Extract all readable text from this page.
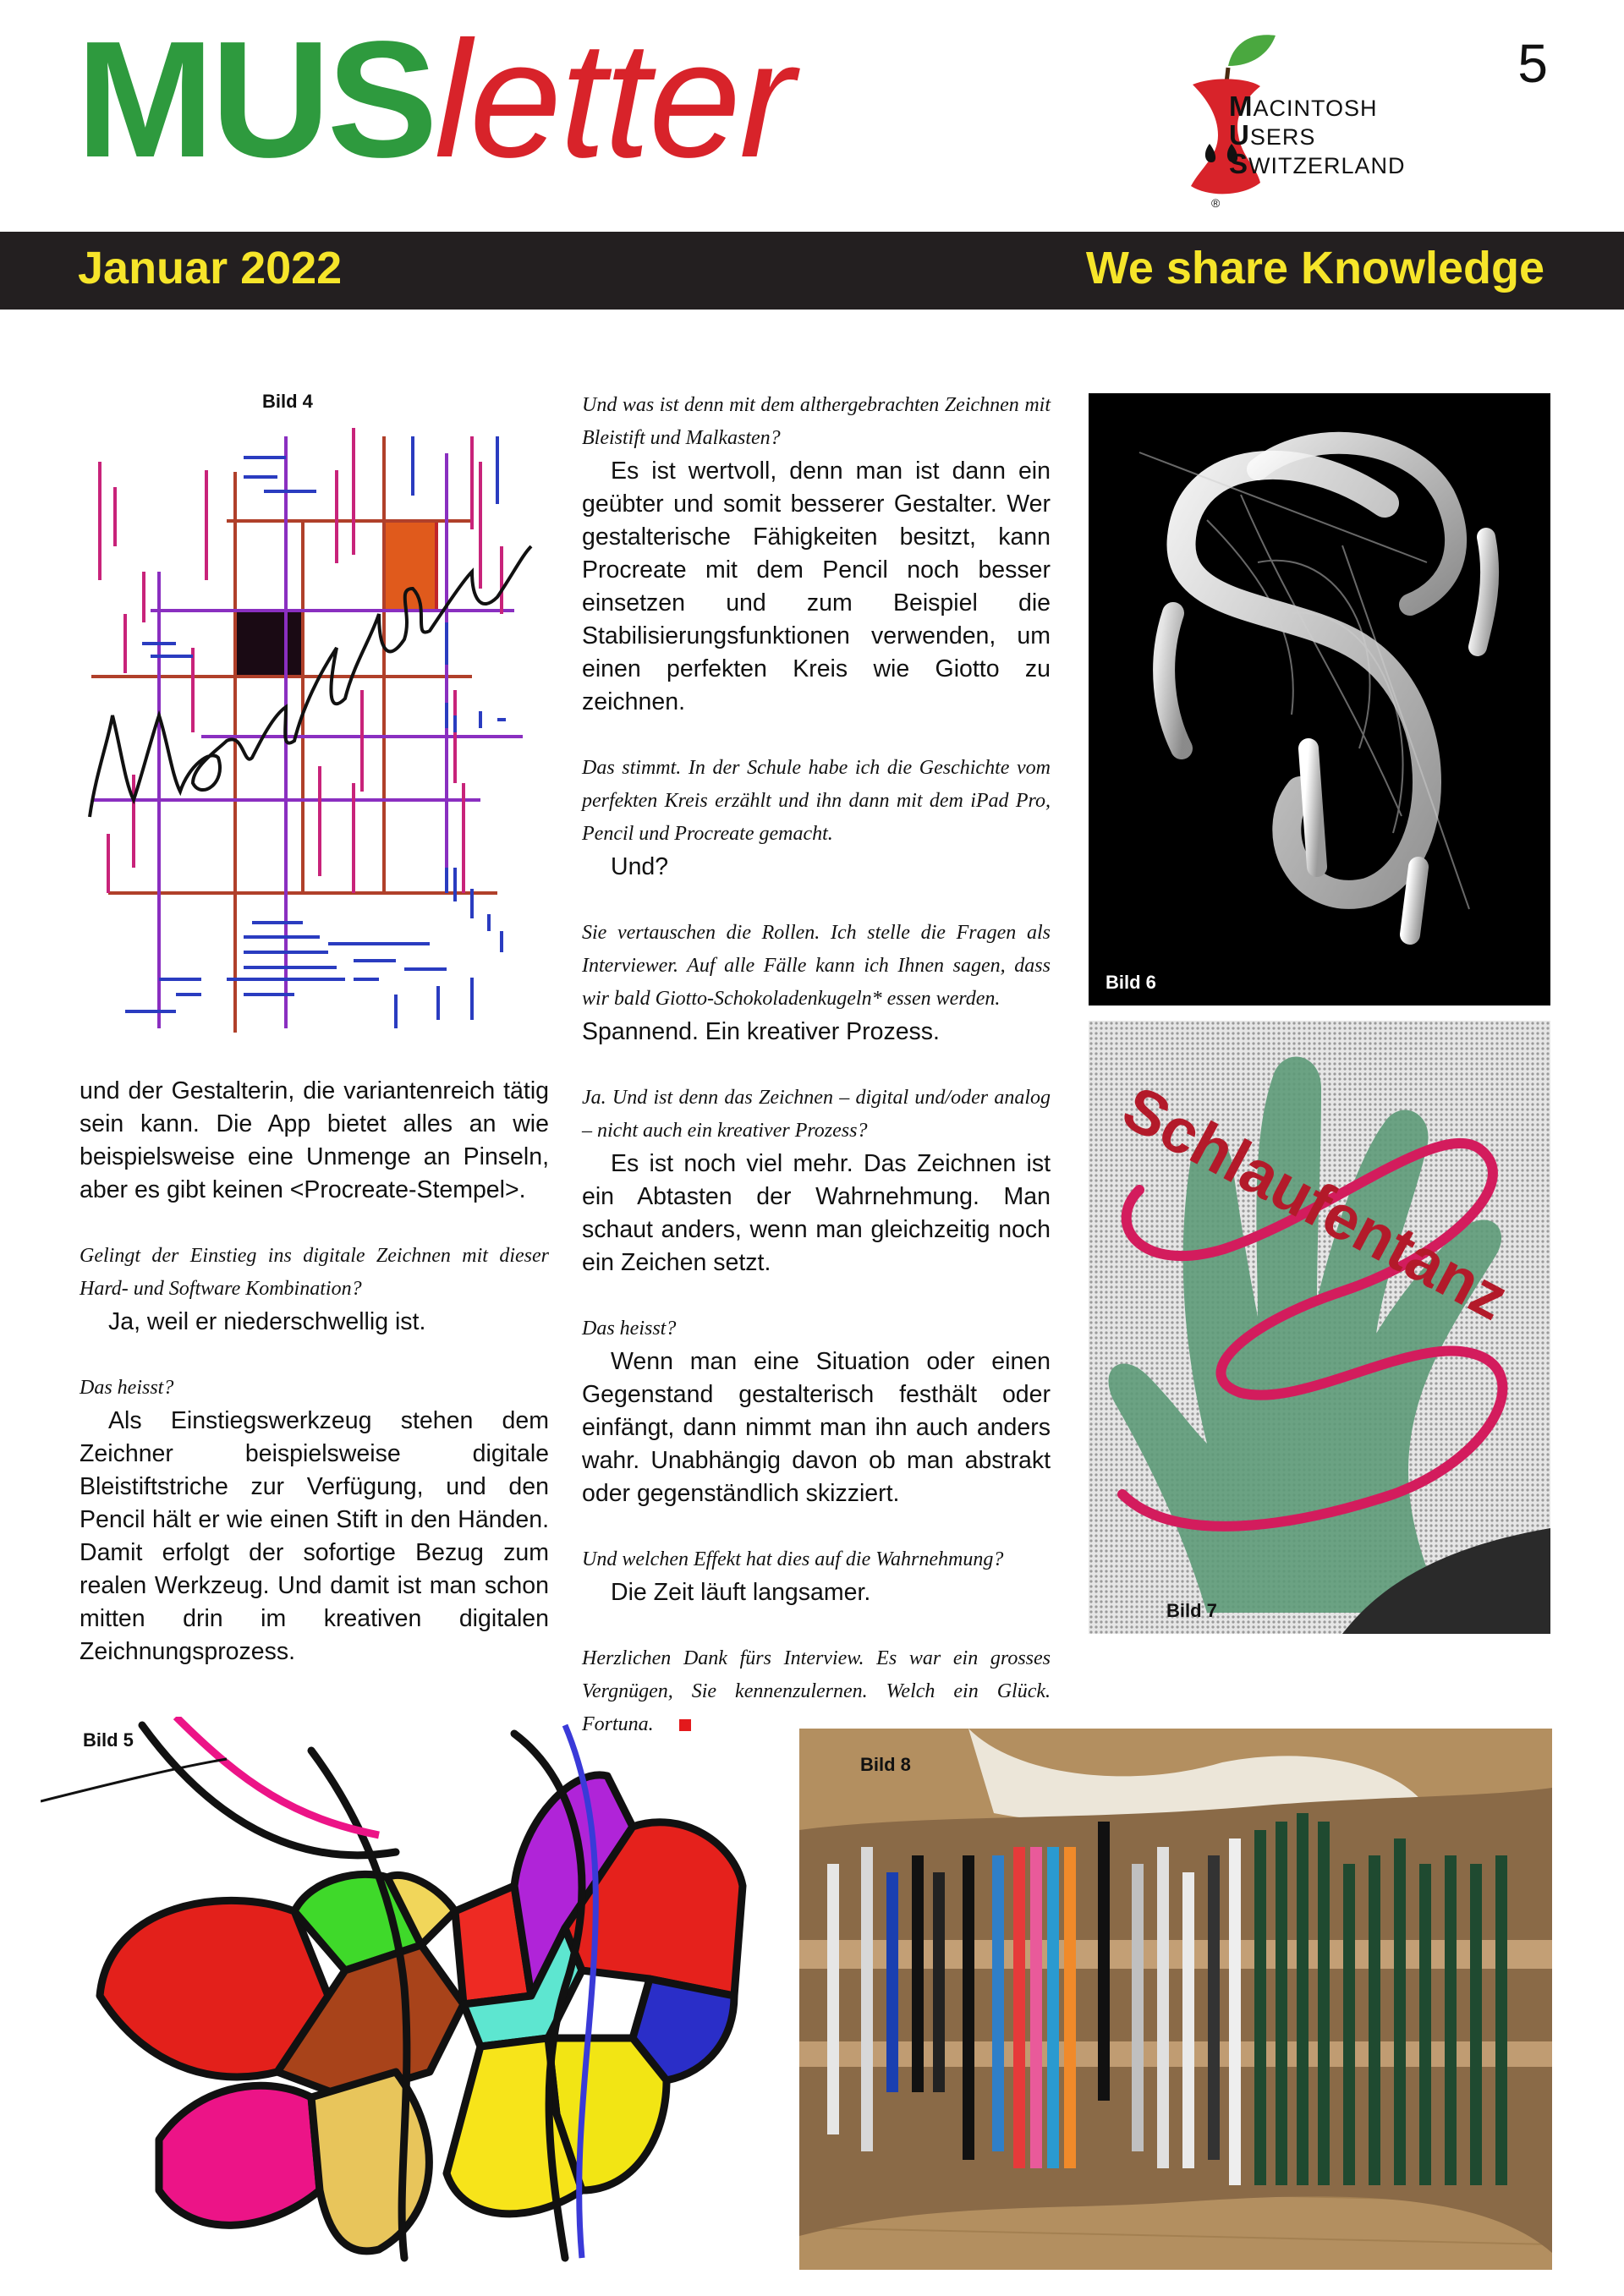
MUSletter	MACINTOSH
USERS
SWITZERLAND
®
5
Januar 2022	We share Knowledge
Bild 4

und der Gestalterin, die variantenreich tätig sein kann. Die App bietet alles an wie beispielsweise eine Unmenge an Pinseln, aber es gibt keinen <Procreate-Stempel>.

Gelingt der Einstieg ins digitale Zeichnen mit dieser Hard- und Software Kombination?

Ja, weil er niederschwellig ist.

Das heisst?

Als Einstiegswerkzeug stehen dem Zeichner beispielsweise digitale Bleistiftstriche zur Verfügung, und den Pencil hält er wie einen Stift in den Händen. Damit erfolgt der sofortige Bezug zum realen Werkzeug. Und damit ist man schon mitten drin im kreativen digitalen Zeichnungsprozess.

Und was ist denn mit dem althergebrachten Zeichnen mit Bleistift und Malkasten?

Es ist wertvoll, denn man ist dann ein geübter und somit besserer Gestalter. Wer gestalterische Fähigkeiten besitzt, kann Procreate mit dem Pencil noch besser einsetzen und zum Beispiel die Stabilisierungsfunktionen verwenden, um einen perfekten Kreis wie Giotto zu zeichnen.

Das stimmt. In der Schule habe ich die Geschichte vom perfekten Kreis erzählt und ihn dann mit dem iPad Pro, Pencil und Procreate gemacht.

Und?

Sie vertauschen die Rollen. Ich stelle die Fragen als Interviewer. Auf alle Fälle kann ich Ihnen sagen, dass wir bald Giotto-Schokoladenkugeln* essen werden.

Spannend. Ein kreativer Prozess.

Ja. Und ist denn das Zeichnen – digital und/oder analog – nicht auch ein kreativer Prozess?

Es ist noch viel mehr. Das Zeichnen ist ein Abtasten der Wahrnehmung. Man schaut anders, wenn man gleichzeitig noch ein Zeichen setzt.

Das heisst?

Wenn man eine Situation oder einen Gegenstand gestalterisch festhält oder einfängt, dann nimmt man ihn auch anders wahr. Unabhängig davon ob man abstrakt oder gegenständlich skizziert.

Und welchen Effekt hat dies auf die Wahrnehmung?

Die Zeit läuft langsamer.

Herzlichen Dank fürs Interview. Es war ein grosses Vergnügen, Sie kennenzulernen. Welch ein Glück. Fortuna.

Bild 6
Schlaufentanz
Bild 7
Bild 5
Bild 8
